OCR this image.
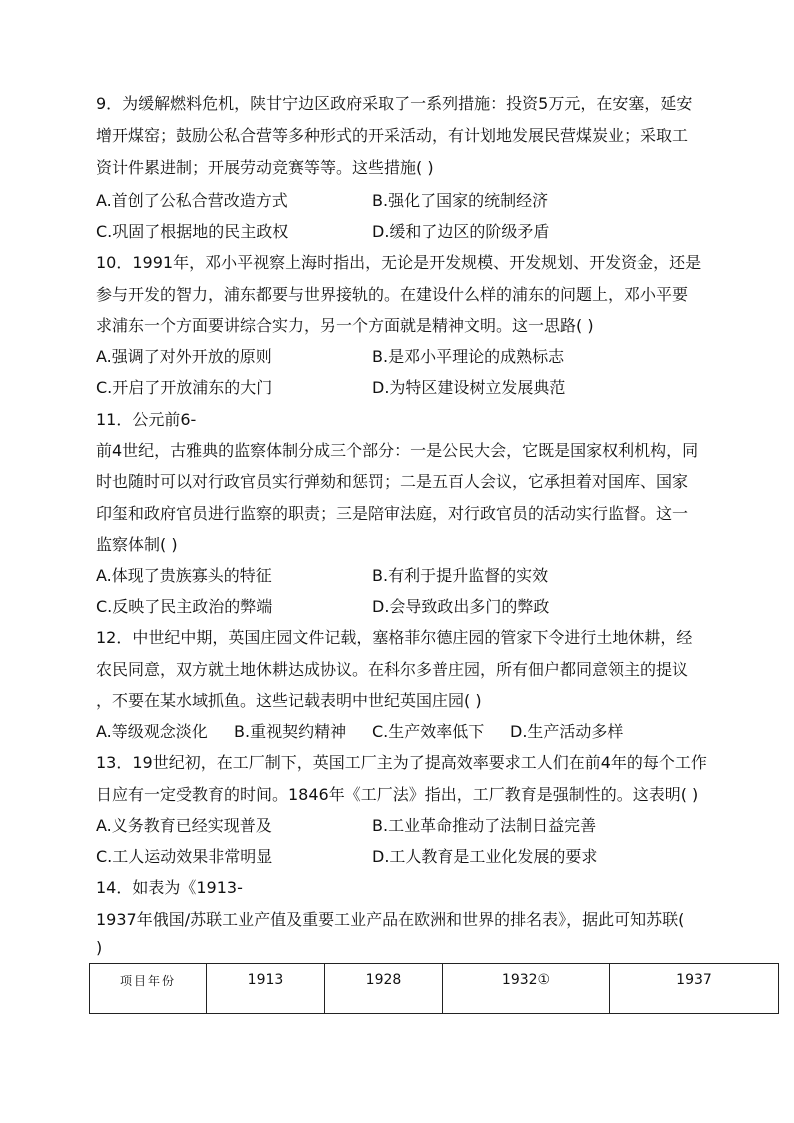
9．为缓解燃料危机，陕甘宁边区政府采取了一系列措施：投资5万元，在安塞，延安
增开煤窑；鼓励公私合营等多种形式的开采活动，有计划地发展民营煤炭业；采取工
资计件累进制；开展劳动竞赛等等。这些措施( )
A.首创了公私合营改造方式	B.强化了国家的统制经济
C.巩固了根据地的民主政权	D.缓和了边区的阶级矛盾
10．1991年，邓小平视察上海时指出，无论是开发规模、开发规划、开发资金，还是
参与开发的智力，浦东都要与世界接轨的。在建设什么样的浦东的问题上，邓小平要
求浦东一个方面要讲综合实力，另一个方面就是精神文明。这一思路( )
A.强调了对外开放的原则	B.是邓小平理论的成熟标志
C.开启了开放浦东的大门	D.为特区建设树立发展典范
11．公元前6-
前4世纪，古雅典的监察体制分成三个部分：一是公民大会，它既是国家权利机构，同
时也随时可以对行政官员实行弹劾和惩罚；二是五百人会议，它承担着对国库、国家
印玺和政府官员进行监察的职责；三是陪审法庭，对行政官员的活动实行监督。这一
监察体制( )
A.体现了贵族寡头的特征	B.有利于提升监督的实效
C.反映了民主政治的弊端	D.会导致政出多门的弊政
12．中世纪中期，英国庄园文件记载，塞格菲尔德庄园的管家下令进行土地休耕，经
农民同意，双方就土地休耕达成协议。在科尔多普庄园，所有佃户都同意领主的提议
，不要在某水域抓鱼。这些记载表明中世纪英国庄园( )
A.等级观念淡化 B.重视契约精神 C.生产效率低下 D.生产活动多样
13．19世纪初，在工厂制下，英国工厂主为了提高效率要求工人们在前4年的每个工作
日应有一定受教育的时间。1846年《工厂法》指出，工厂教育是强制性的。这表明( )
A.义务教育已经实现普及	B.工业革命推动了法制日益完善
C.工人运动效果非常明显	D.工人教育是工业化发展的要求
14．如表为《1913-
1937年俄国/苏联工业产值及重要工业产品在欧洲和世界的排名表》，据此可知苏联(
)
项目年份	1913	1928	1932①	1937
